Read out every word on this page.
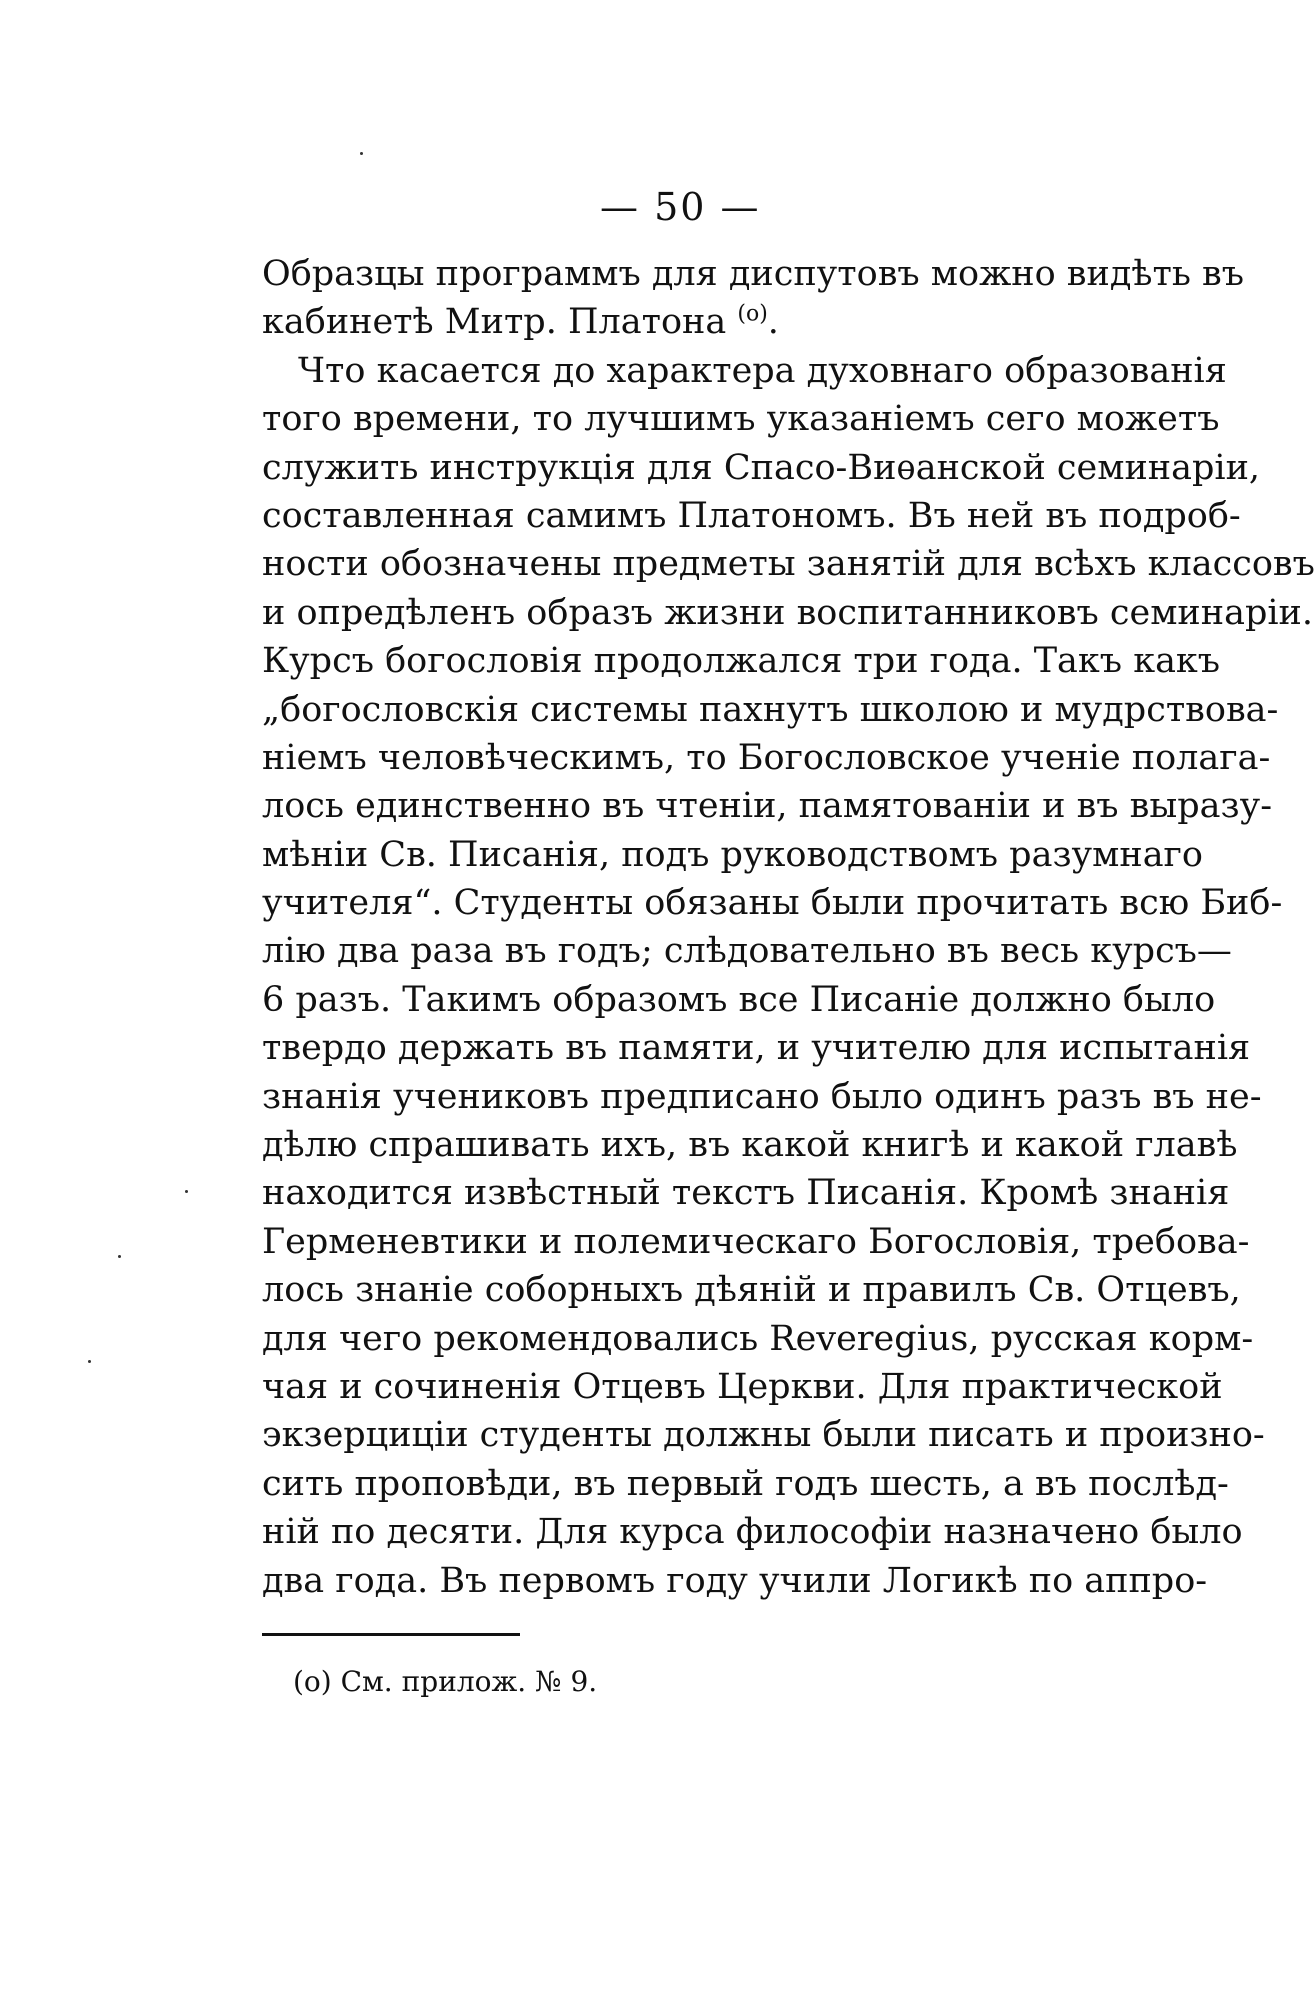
— 50 —
Образцы программъ для диспутовъ можно видѣть въ
кабинетѣ Митр. Платона $^{(о)}$.
Что касается до характера духовнаго образованія
того времени, то лучшимъ указаніемъ сего можетъ
служить инструкція для Спасо-Виѳанской семинаріи,
составленная самимъ Платономъ. Въ ней въ подроб-
ности обозначены предметы занятій для всѣхъ классовъ
и опредѣленъ образъ жизни воспитанниковъ семинаріи.
Курсъ богословія продолжался три года. Такъ какъ
„богословскія системы пахнутъ школою и мудрствова-
ніемъ человѣческимъ, то Богословское ученіе полага-
лось единственно въ чтеніи, памятованіи и въ выразу-
мѣніи Св. Писанія, подъ руководствомъ разумнаго
учителя“. Студенты обязаны были прочитать всю Биб-
лію два раза въ годъ; слѣдовательно въ весь курсъ—
6 разъ. Такимъ образомъ все Писаніе должно было
твердо держать въ памяти, и учителю для испытанія
знанія учениковъ предписано было одинъ разъ въ не-
дѣлю спрашивать ихъ, въ какой книгѣ и какой главѣ
находится извѣстный текстъ Писанія. Кромѣ знанія
Герменевтики и полемическаго Богословія, требова-
лось знаніе соборныхъ дѣяній и правилъ Св. Отцевъ,
для чего рекомендовались Reveregius, русская корм-
чая и сочиненія Отцевъ Церкви. Для практической
экзерциціи студенты должны были писать и произно-
сить проповѣди, въ первый годъ шесть, а въ послѣд-
ній по десяти. Для курса философіи назначено было
два года. Въ первомъ году учили Логикѣ по аппро-
(о) См. прилож. № 9.
